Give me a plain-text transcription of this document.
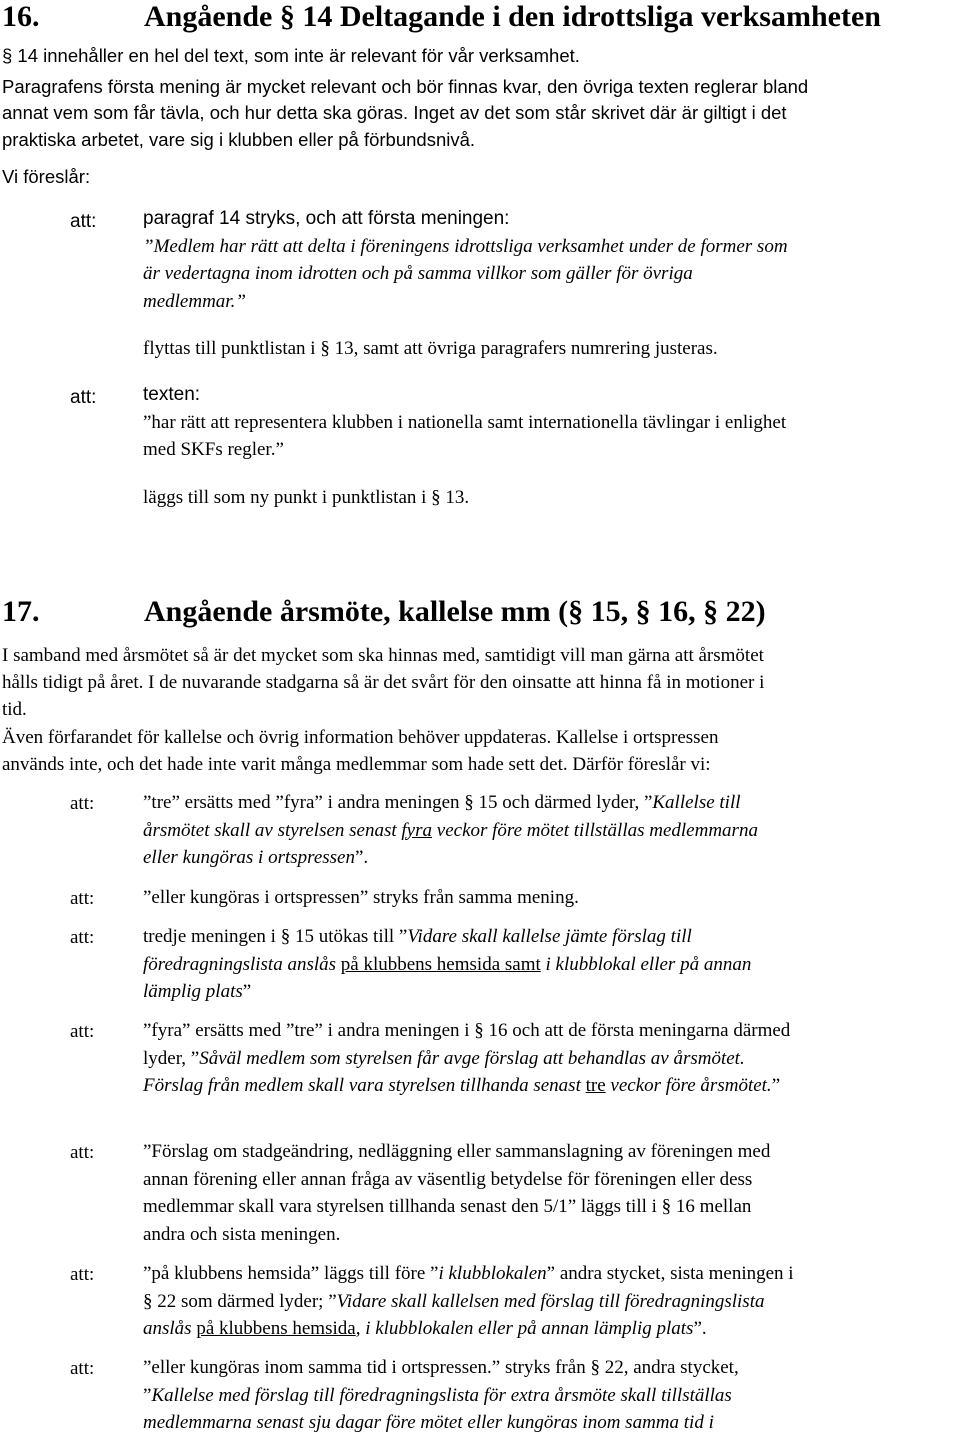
16.	Angående § 14 Deltagande i den idrottsliga verksamheten
§ 14 innehåller en hel del text, som inte är relevant för vår verksamhet.
Paragrafens första mening är mycket relevant och bör finnas kvar, den övriga texten reglerar bland
annat vem som får tävla, och hur detta ska göras. Inget av det som står skrivet där är giltigt i det
praktiska arbetet, vare sig i klubben eller på förbundsnivå.
Vi föreslår:
att: paragraf 14 stryks, och att första meningen:

”Medlem har rätt att delta i föreningens idrottsliga verksamhet under de former som

är vedertagna inom idrotten och på samma villkor som gäller för övriga

medlemmar.”

flyttas till punktlistan i § 13, samt att övriga paragrafers numrering justeras.

att: texten:

”har rätt att representera klubben i nationella samt internationella tävlingar i enlighet

med SKFs regler.”

läggs till som ny punkt i punktlistan i § 13.

17.	Angående årsmöte, kallelse mm (§ 15, § 16, § 22)
I samband med årsmötet så är det mycket som ska hinnas med, samtidigt vill man gärna att årsmötet
hålls tidigt på året. I de nuvarande stadgarna så är det svårt för den oinsatte att hinna få in motioner i
tid.
Även förfarandet för kallelse och övrig information behöver uppdateras. Kallelse i ortspressen
används inte, och det hade inte varit många medlemmar som hade sett det. Därför föreslår vi:
att:	”tre” ersätts med ”fyra” i andra meningen § 15 och därmed lyder, ”Kallelse till

årsmötet skall av styrelsen senast fyra veckor före mötet tillställas medlemmarna

eller kungöras i ortspressen”.

att:	”eller kungöras i ortspressen” stryks från samma mening.

att:	tredje meningen i § 15 utökas till ”Vidare skall kallelse jämte förslag till

föredragningslista anslås på klubbens hemsida samt i klubblokal eller på annan

lämplig plats”

att:	”fyra” ersätts med ”tre” i andra meningen i § 16 och att de första meningarna därmed

lyder, ”Såväl medlem som styrelsen får avge förslag att behandlas av årsmötet.

Förslag från medlem skall vara styrelsen tillhanda senast tre veckor före årsmötet.”

att:	”Förslag om stadgeändring, nedläggning eller sammanslagning av föreningen med

annan förening eller annan fråga av väsentlig betydelse för föreningen eller dess

medlemmar skall vara styrelsen tillhanda senast den 5/1” läggs till i § 16 mellan

andra och sista meningen.

att:	”på klubbens hemsida” läggs till före ”i klubblokalen” andra stycket, sista meningen i

§ 22 som därmed lyder; ”Vidare skall kallelsen med förslag till föredragningslista

anslås på klubbens hemsida, i klubblokalen eller på annan lämplig plats”.

att:	”eller kungöras inom samma tid i ortspressen.” stryks från § 22, andra stycket,

”Kallelse med förslag till föredragningslista för extra årsmöte skall tillställas

medlemmarna senast sju dagar före mötet eller kungöras inom samma tid i
